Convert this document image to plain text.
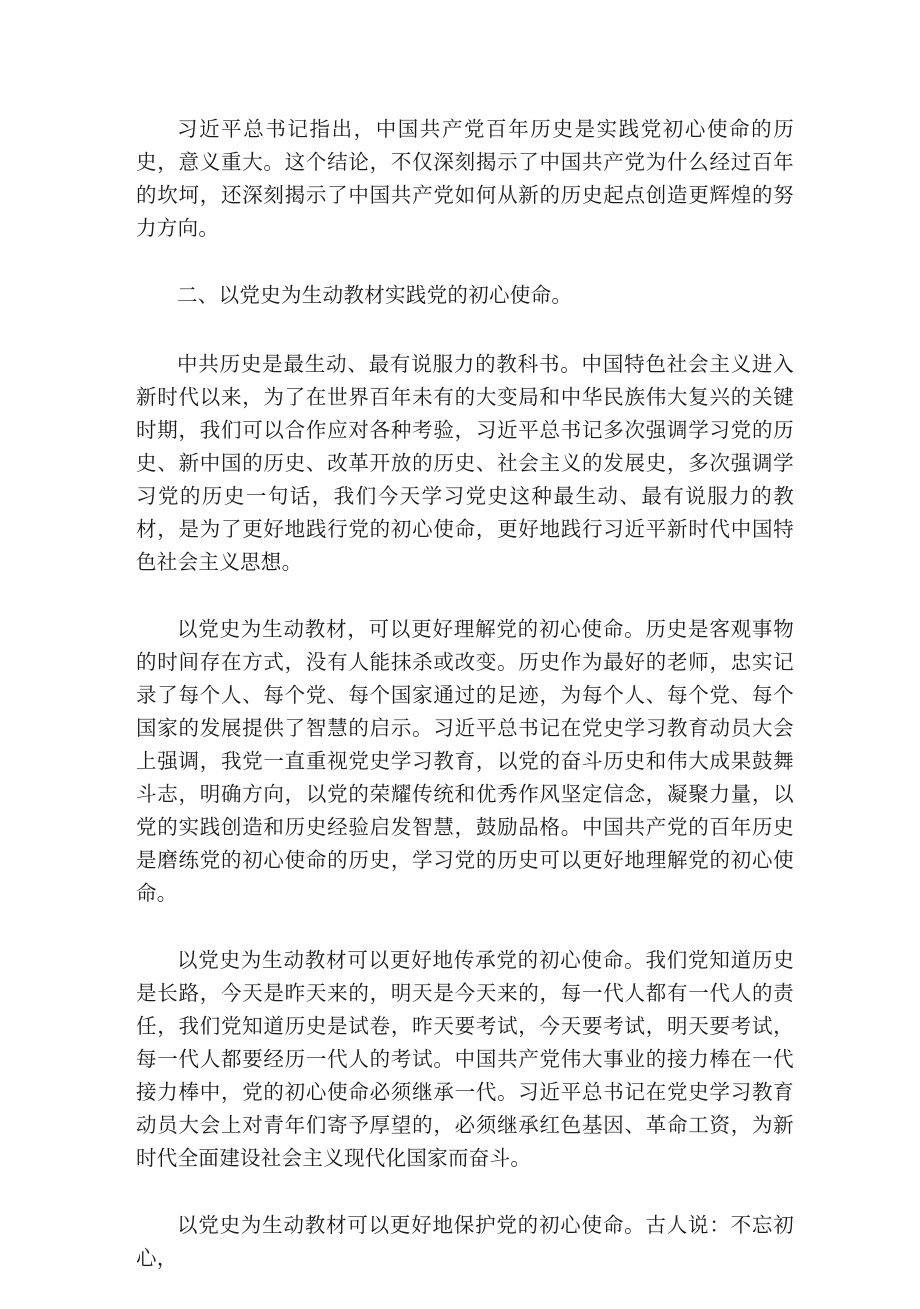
习近平总书记指出，中国共产党百年历史是实践党初心使命的历史，意义重大。这个结论，不仅深刻揭示了中国共产党为什么经过百年的坎坷，还深刻揭示了中国共产党如何从新的历史起点创造更辉煌的努力方向。

二、以党史为生动教材实践党的初心使命。

中共历史是最生动、最有说服力的教科书。中国特色社会主义进入新时代以来，为了在世界百年未有的大变局和中华民族伟大复兴的关键时期，我们可以合作应对各种考验，习近平总书记多次强调学习党的历史、新中国的历史、改革开放的历史、社会主义的发展史，多次强调学习党的历史一句话，我们今天学习党史这种最生动、最有说服力的教材，是为了更好地践行党的初心使命，更好地践行习近平新时代中国特色社会主义思想。

以党史为生动教材，可以更好理解党的初心使命。历史是客观事物的时间存在方式，没有人能抹杀或改变。历史作为最好的老师，忠实记录了每个人、每个党、每个国家通过的足迹，为每个人、每个党、每个国家的发展提供了智慧的启示。习近平总书记在党史学习教育动员大会上强调，我党一直重视党史学习教育，以党的奋斗历史和伟大成果鼓舞斗志，明确方向，以党的荣耀传统和优秀作风坚定信念，凝聚力量，以党的实践创造和历史经验启发智慧，鼓励品格。中国共产党的百年历史是磨练党的初心使命的历史，学习党的历史可以更好地理解党的初心使命。

以党史为生动教材可以更好地传承党的初心使命。我们党知道历史是长路，今天是昨天来的，明天是今天来的，每一代人都有一代人的责任，我们党知道历史是试卷，昨天要考试，今天要考试，明天要考试，每一代人都要经历一代人的考试。中国共产党伟大事业的接力棒在一代接力棒中，党的初心使命必须继承一代。习近平总书记在党史学习教育动员大会上对青年们寄予厚望的，必须继承红色基因、革命工资，为新时代全面建设社会主义现代化国家而奋斗。

以党史为生动教材可以更好地保护党的初心使命。古人说：不忘初心，
